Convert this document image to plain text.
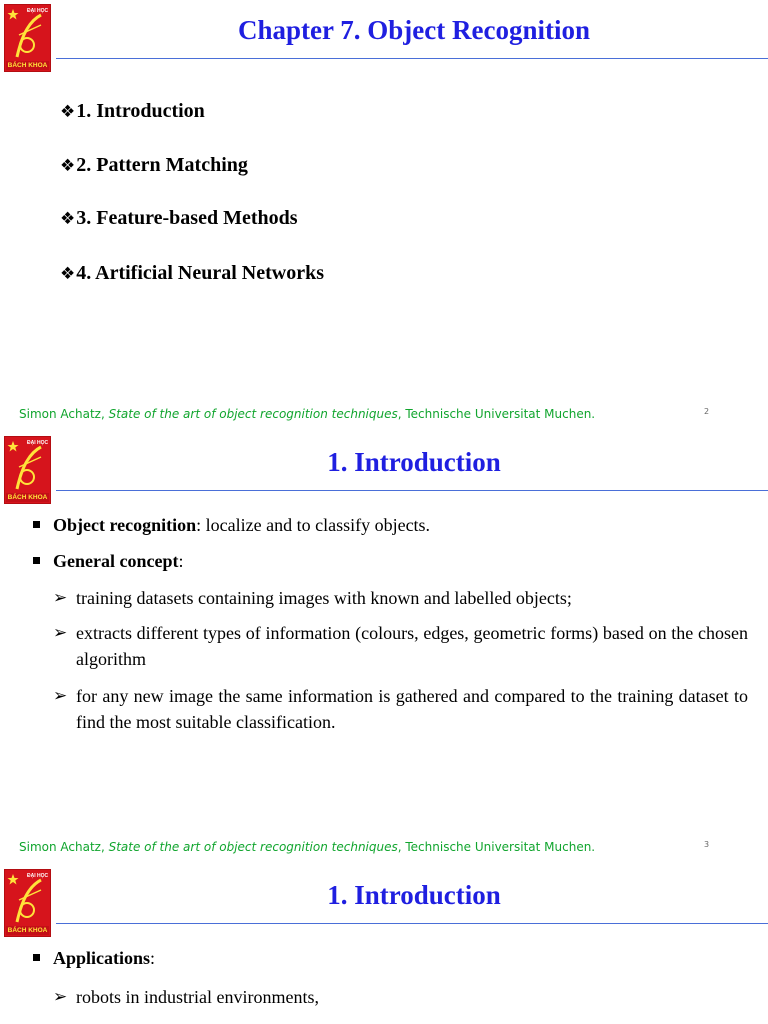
ĐẠI HỌC
BÁCH KHOA
Chapter 7. Object Recognition
❖1. Introduction
❖2. Pattern Matching
❖3. Feature-based Methods
❖4. Artificial Neural Networks
Simon Achatz, State of the art of object recognition techniques, Technische Universitat Muchen.	2
ĐẠI HỌC
BÁCH KHOA
1. Introduction
Object recognition: localize and to classify objects.
General concept:
➢ training datasets containing images with known and labelled objects;
➢ extracts different types of information (colours, edges, geometric forms) based on the chosen algorithm
➢ for any new image the same information is gathered and compared to the training dataset to find the most suitable classification.
Simon Achatz, State of the art of object recognition techniques, Technische Universitat Muchen.	3
ĐẠI HỌC
BÁCH KHOA
1. Introduction
Applications:
➢ robots in industrial environments,
